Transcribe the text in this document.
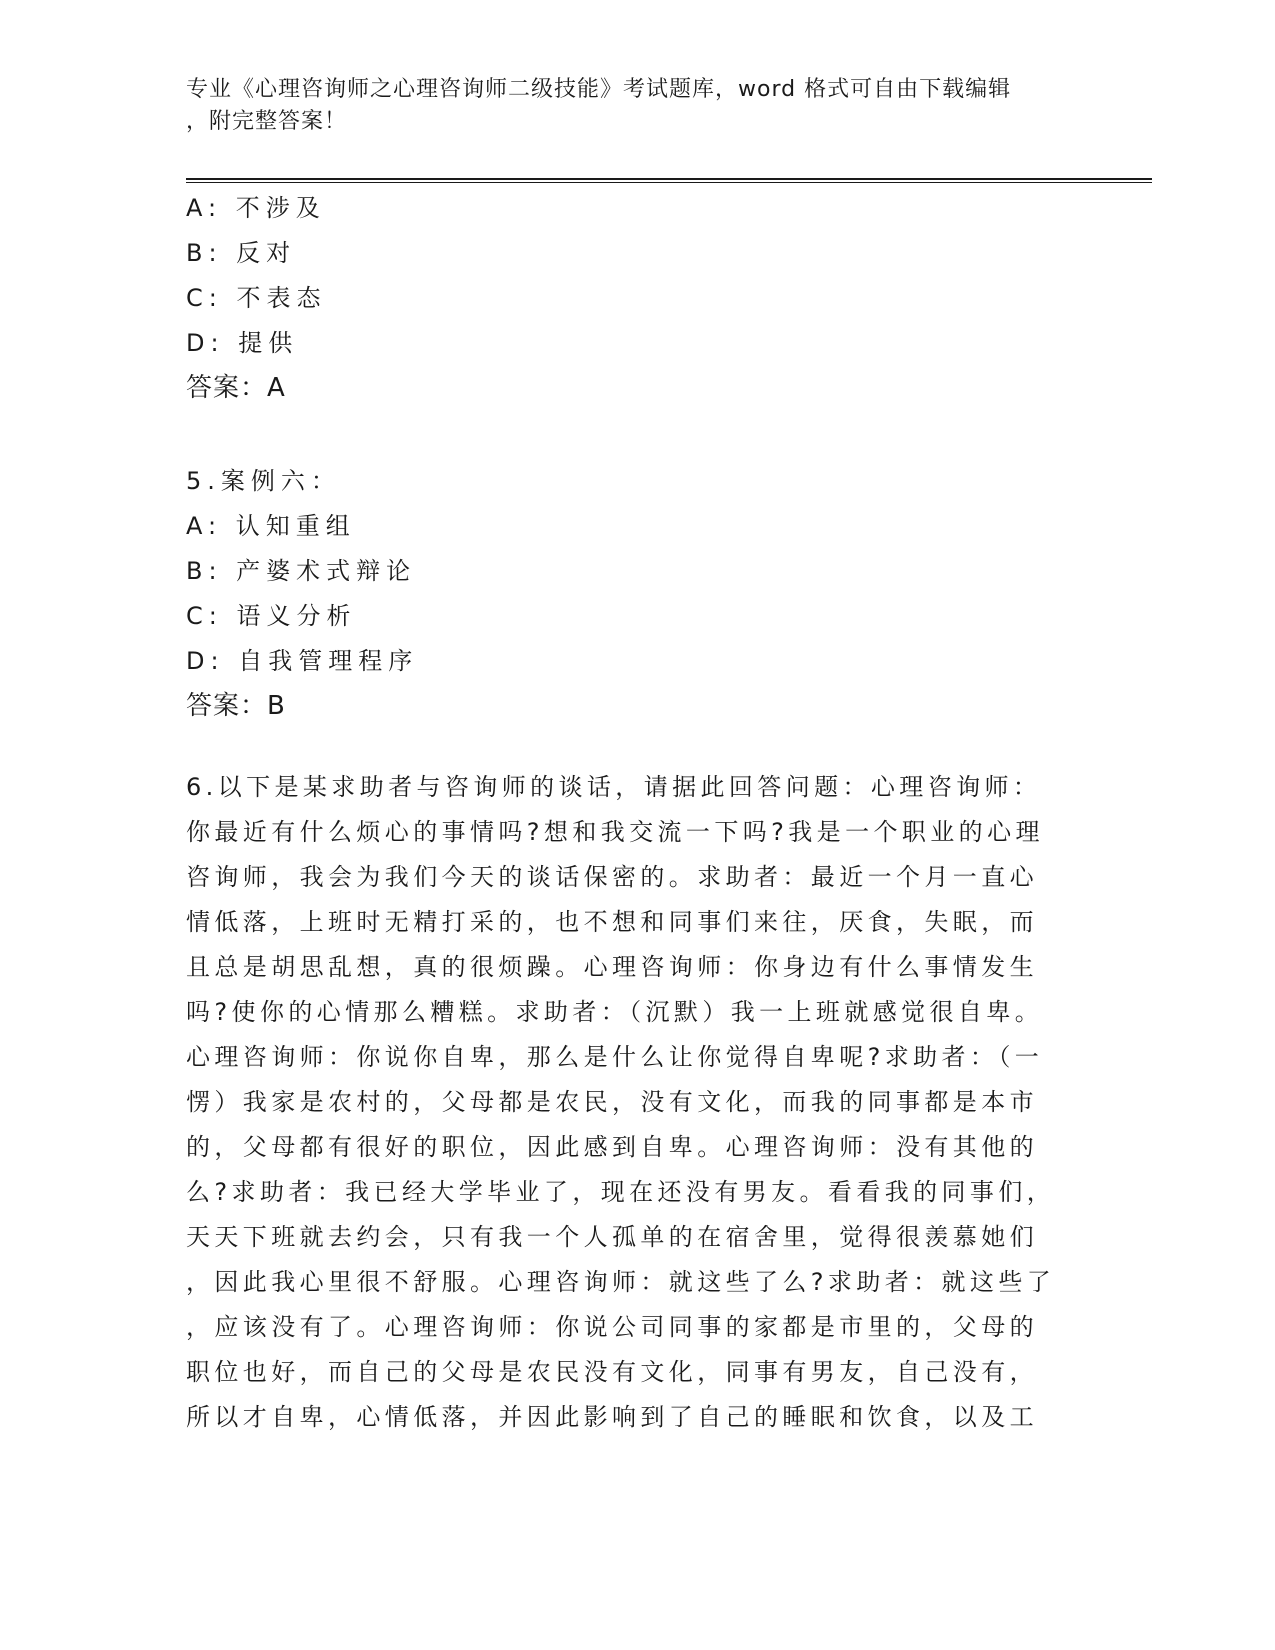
专业《心理咨询师之心理咨询师二级技能》考试题库，word 格式可自由下载编辑
，附完整答案！
A: 不涉及
B: 反对
C: 不表态
D: 提供
答案：A
5.案例六：
A: 认知重组
B: 产婆术式辩论
C: 语义分析
D: 自我管理程序
答案：B
6.以下是某求助者与咨询师的谈话，请据此回答问题：心理咨询师：
你最近有什么烦心的事情吗?想和我交流一下吗?我是一个职业的心理
咨询师，我会为我们今天的谈话保密的。求助者：最近一个月一直心
情低落，上班时无精打采的，也不想和同事们来往，厌食，失眠，而
且总是胡思乱想，真的很烦躁。心理咨询师：你身边有什么事情发生
吗?使你的心情那么糟糕。求助者：（沉默）我一上班就感觉很自卑。
心理咨询师：你说你自卑，那么是什么让你觉得自卑呢?求助者：（一
愣）我家是农村的，父母都是农民，没有文化，而我的同事都是本市
的，父母都有很好的职位，因此感到自卑。心理咨询师：没有其他的
么?求助者：我已经大学毕业了，现在还没有男友。看看我的同事们，
天天下班就去约会，只有我一个人孤单的在宿舍里，觉得很羡慕她们
，因此我心里很不舒服。心理咨询师：就这些了么?求助者：就这些了
，应该没有了。心理咨询师：你说公司同事的家都是市里的，父母的
职位也好，而自己的父母是农民没有文化，同事有男友，自己没有，
所以才自卑，心情低落，并因此影响到了自己的睡眠和饮食，以及工
